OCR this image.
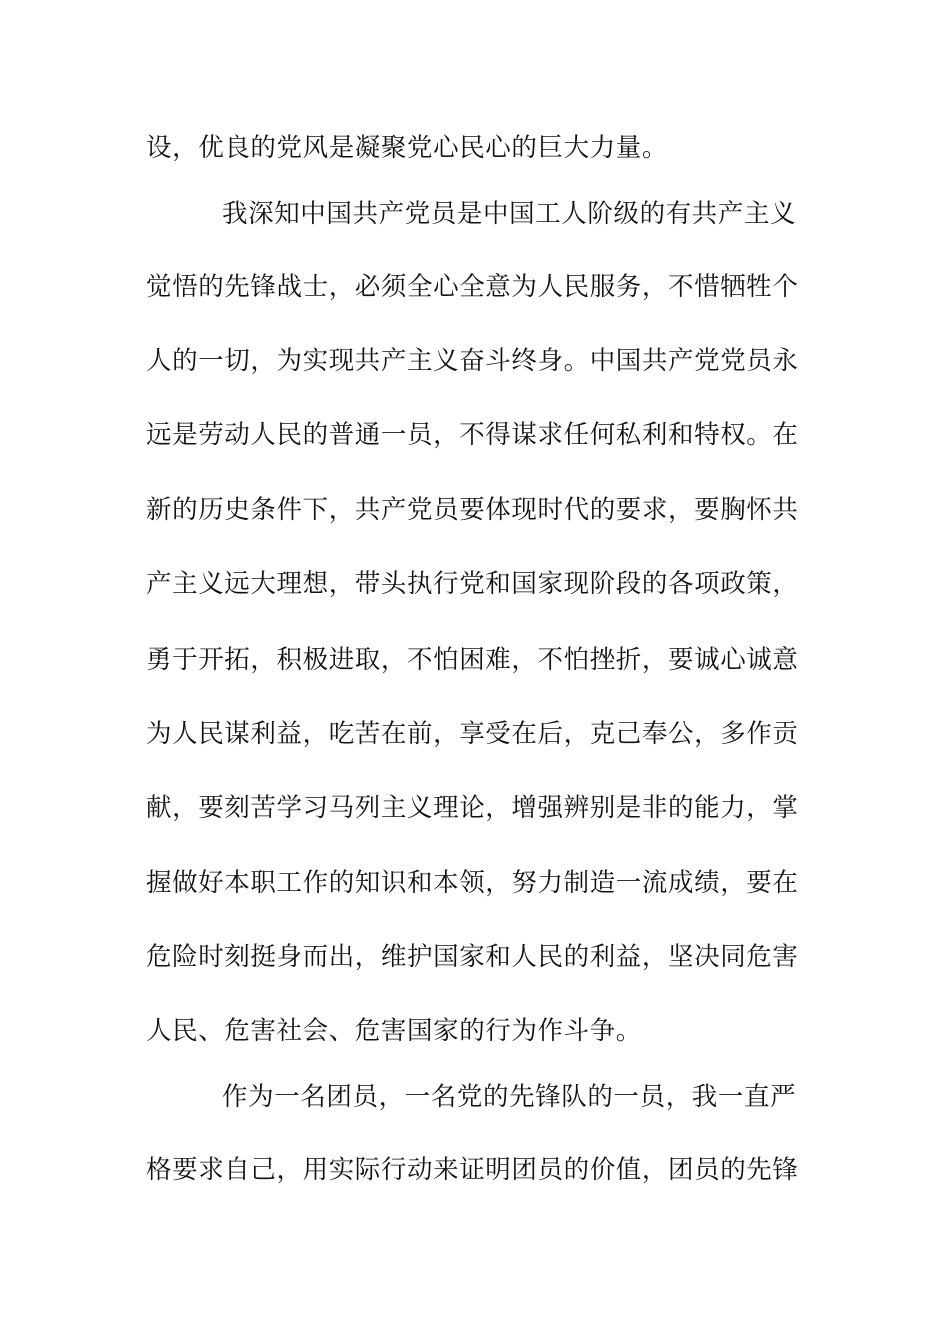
设，优良的党风是凝聚党心民心的巨大力量。
我深知中国共产党员是中国工人阶级的有共产主义
觉悟的先锋战士，必须全心全意为人民服务，不惜牺牲个
人的一切，为实现共产主义奋斗终身。中国共产党党员永
远是劳动人民的普通一员，不得谋求任何私利和特权。在
新的历史条件下，共产党员要体现时代的要求，要胸怀共
产主义远大理想，带头执行党和国家现阶段的各项政策，
勇于开拓，积极进取，不怕困难，不怕挫折，要诚心诚意
为人民谋利益，吃苦在前，享受在后，克己奉公，多作贡
献，要刻苦学习马列主义理论，增强辨别是非的能力，掌
握做好本职工作的知识和本领，努力制造一流成绩，要在
危险时刻挺身而出，维护国家和人民的利益，坚决同危害
人民、危害社会、危害国家的行为作斗争。
作为一名团员，一名党的先锋队的一员，我一直严
格要求自己，用实际行动来证明团员的价值，团员的先锋
